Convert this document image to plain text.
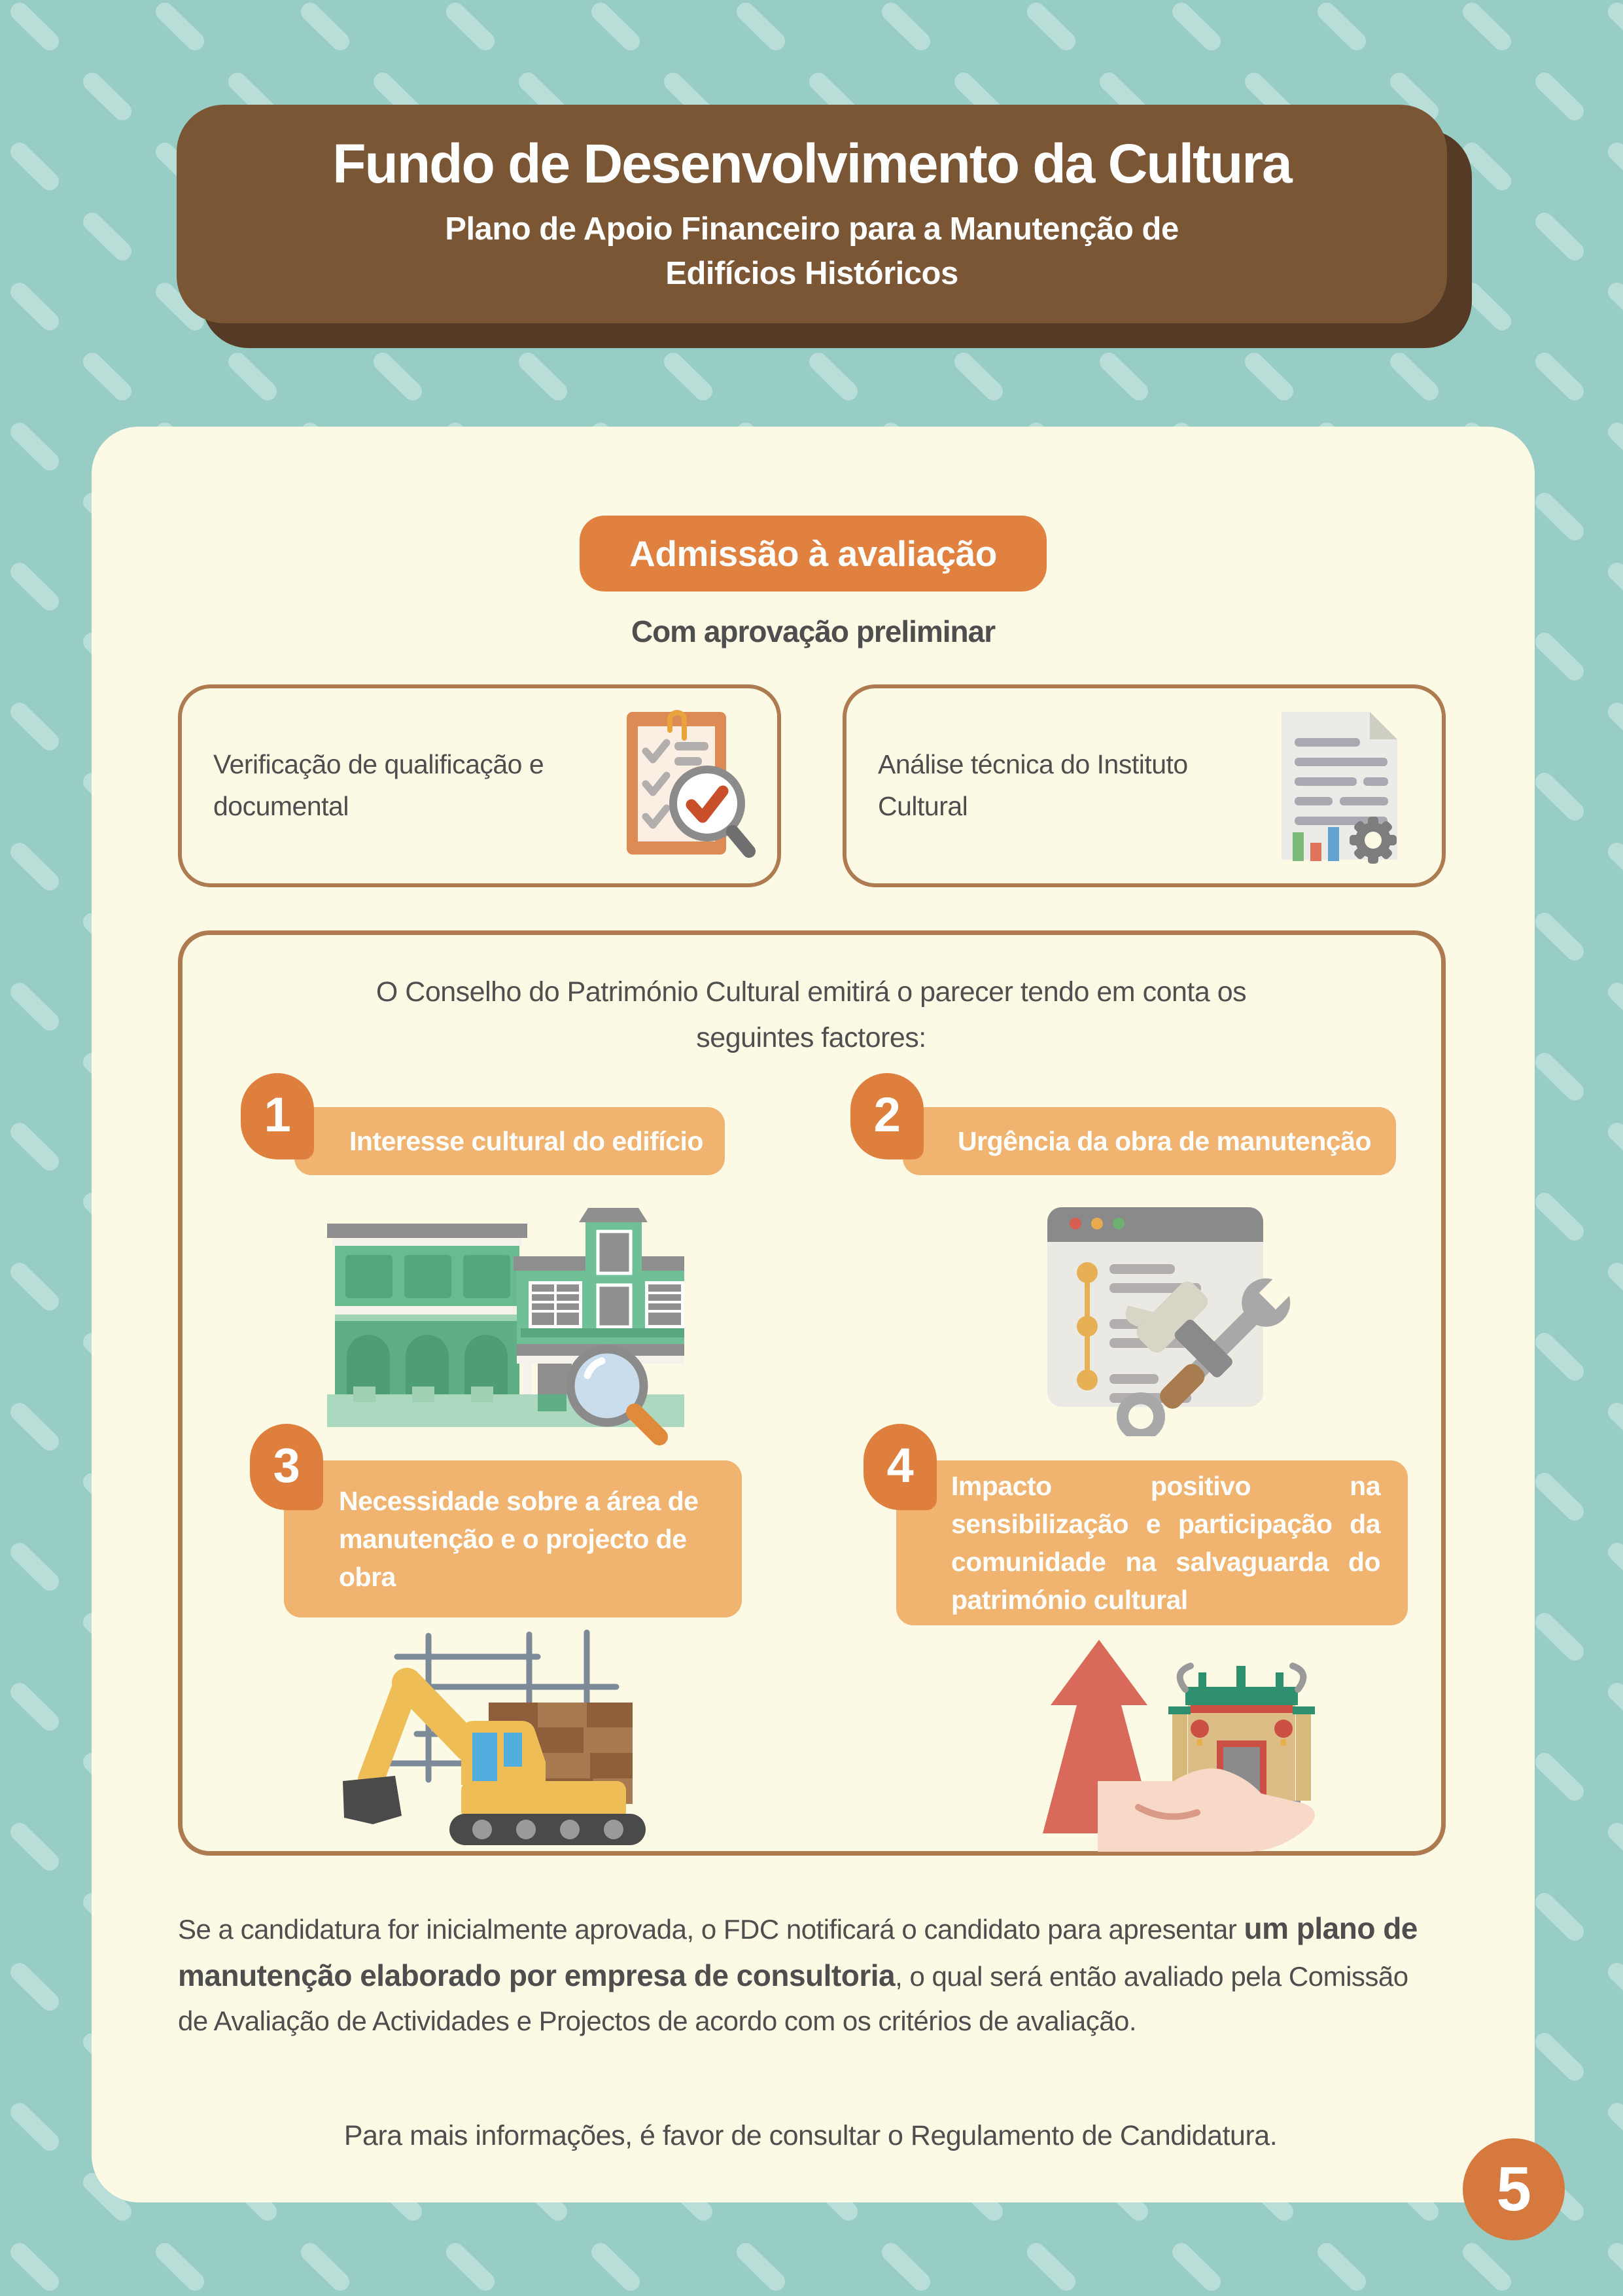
Fundo de Desenvolvimento da Cultura
Plano de Apoio Financeiro para a Manutenção de Edifícios Históricos
Admissão à avaliação
Com aprovação preliminar
Verificação de qualificação e documental
Análise técnica do Instituto Cultural
O Conselho do Património Cultural emitirá o parecer tendo em conta os seguintes factores:
1 Interesse cultural do edifício	2 Urgência da obra de manutenção
3
Necessidade sobre a área de manutenção e o projecto de obra
4 Impacto positivo na sensibilização e participação da comunidade na salvaguarda do património cultural
Se a candidatura for inicialmente aprovada, o FDC notificará o candidato para apresentar um plano de manutenção elaborado por empresa de consultoria, o qual será então avaliado pela Comissão de Avaliação de Actividades e Projectos de acordo com os critérios de avaliação.
Para mais informações, é favor de consultar o Regulamento de Candidatura.
5
